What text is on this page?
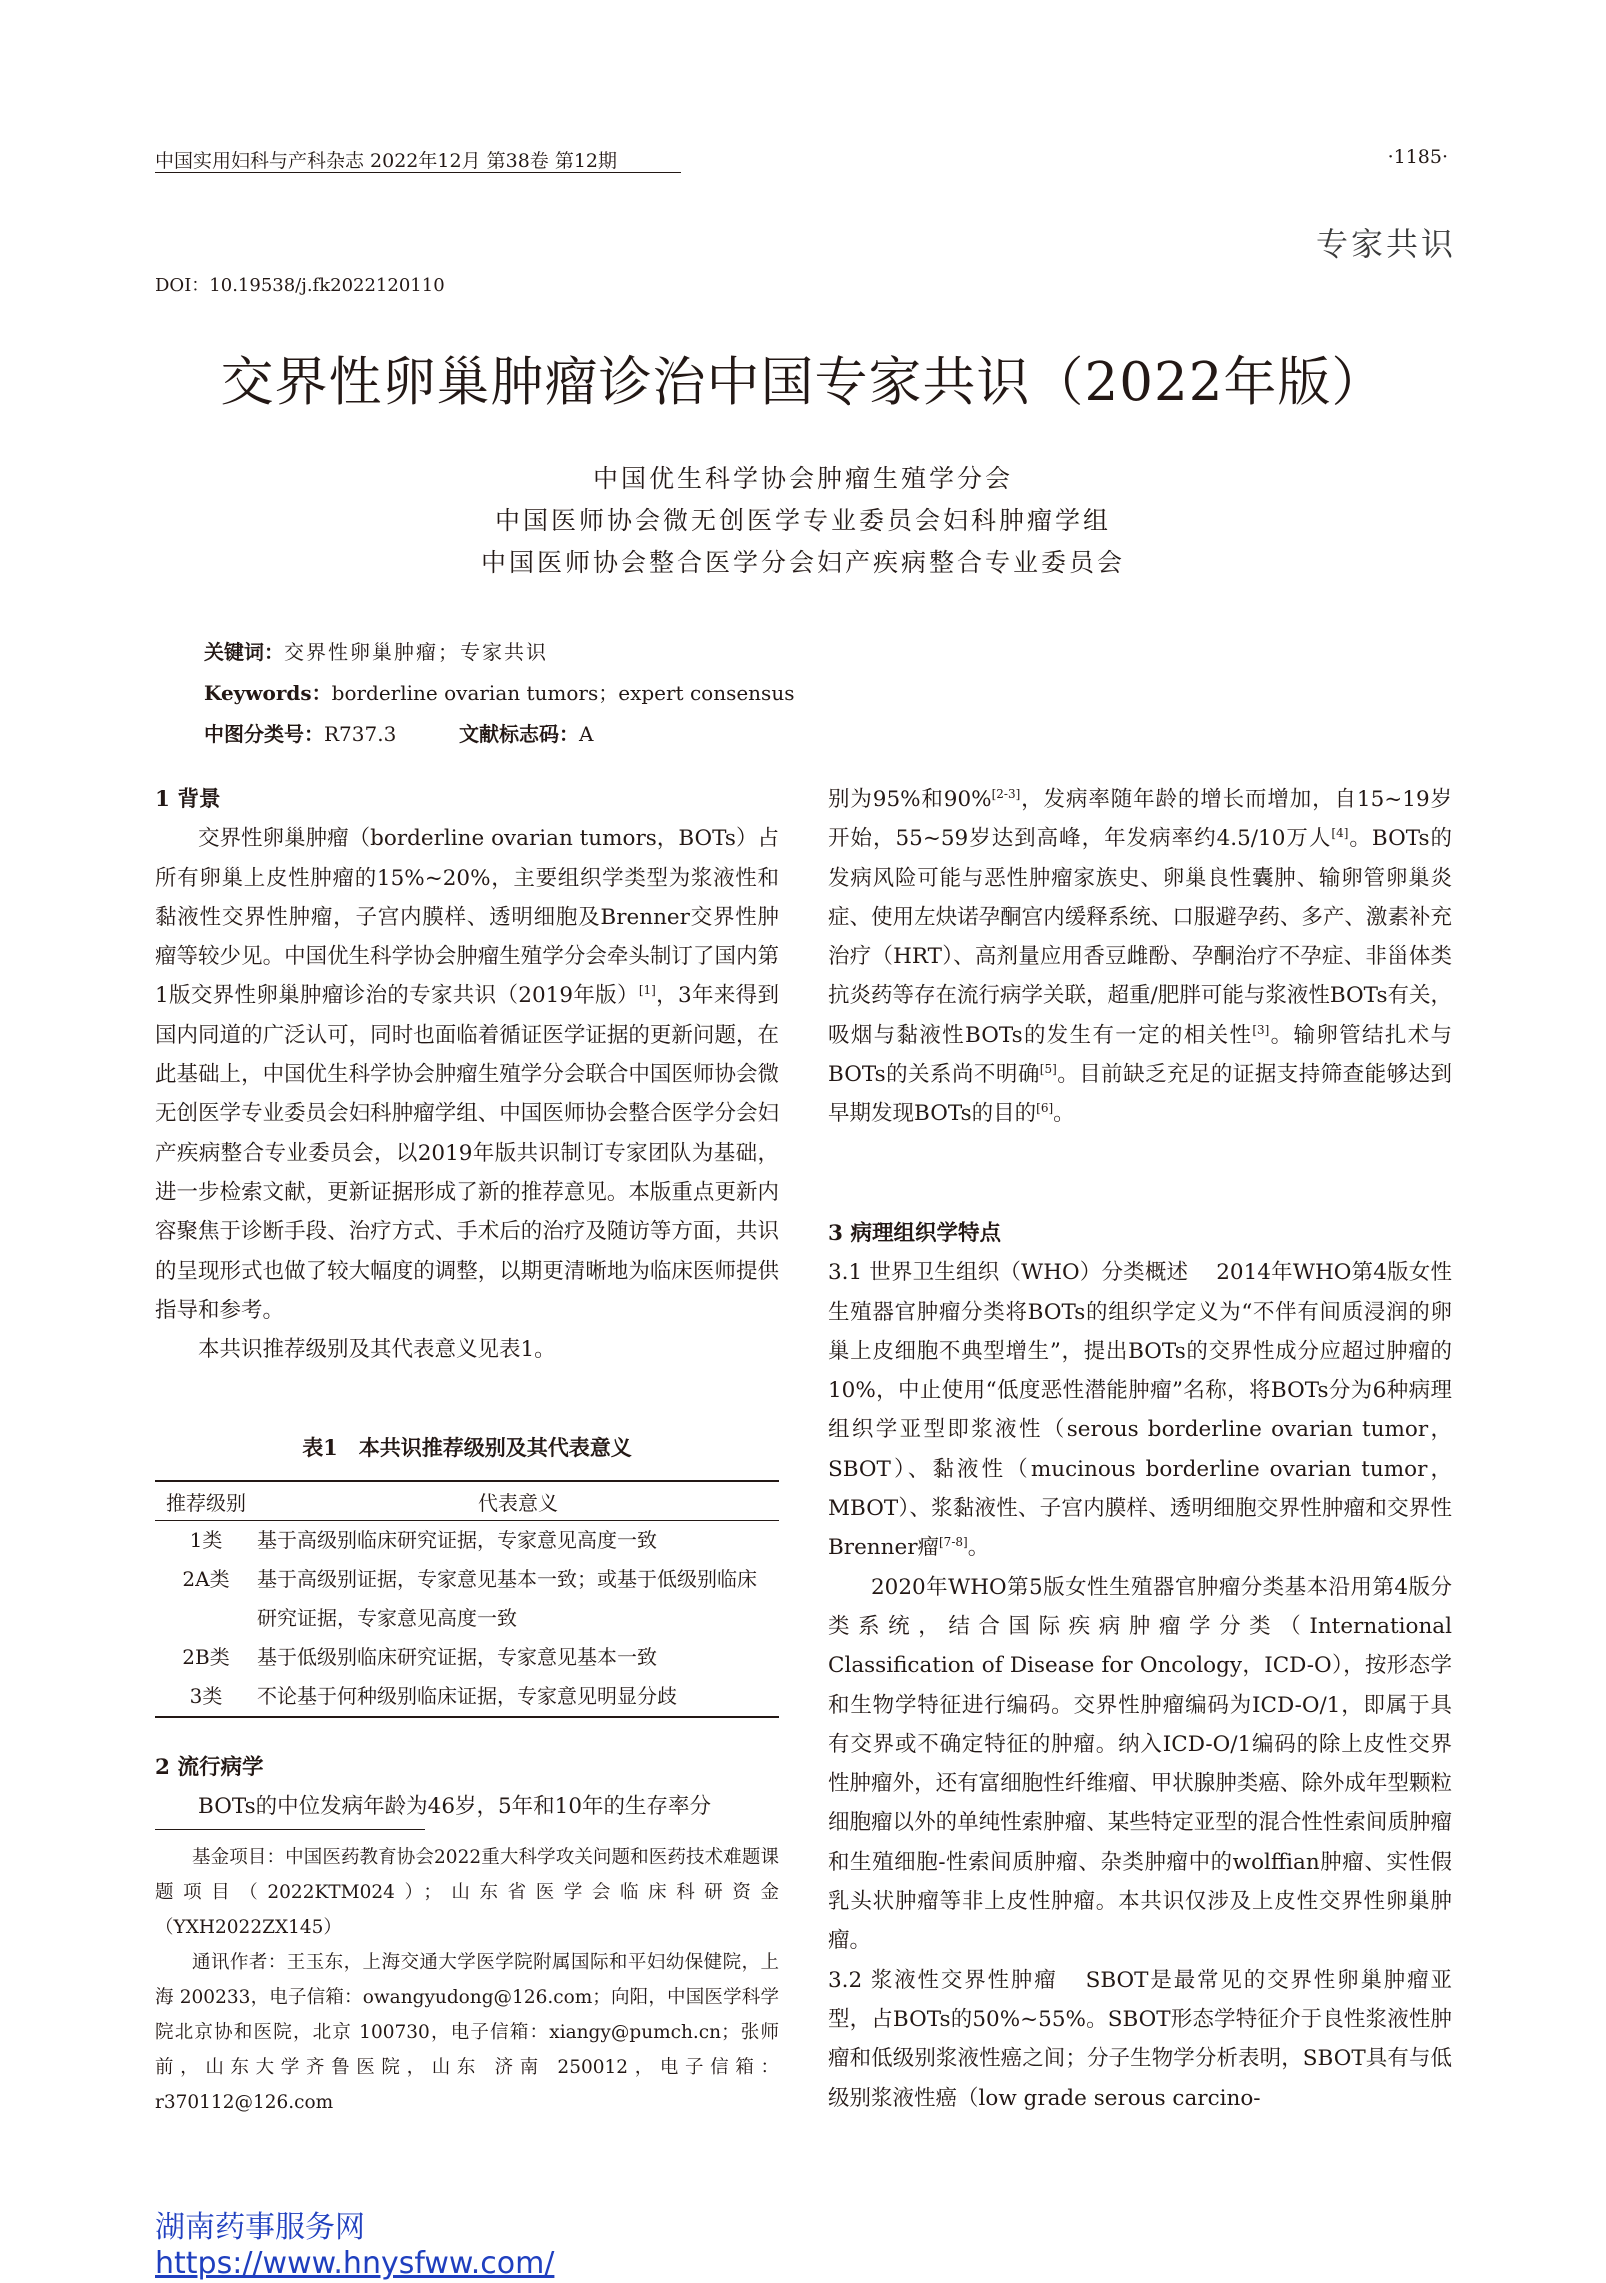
中国实用妇科与产科杂志 2022年12月 第38卷 第12期	·1185·
专家共识
DOI：10.19538/j.fk2022120110
交界性卵巢肿瘤诊治中国专家共识（2022年版）
中国优生科学协会肿瘤生殖学分会
中国医师协会微无创医学专业委员会妇科肿瘤学组
中国医师协会整合医学分会妇产疾病整合专业委员会
关键词：交界性卵巢肿瘤；专家共识
Keywords：borderline ovarian tumors；expert consensus
中图分类号：R737.3	文献标志码：A
1 背景

交界性卵巢肿瘤（borderline ovarian tumors，BOTs）占所有卵巢上皮性肿瘤的15%~20%，主要组织学类型为浆液性和黏液性交界性肿瘤，子宫内膜样、透明细胞及Brenner交界性肿瘤等较少见。中国优生科学协会肿瘤生殖学分会牵头制订了国内第1版交界性卵巢肿瘤诊治的专家共识（2019年版）[1]，3年来得到国内同道的广泛认可，同时也面临着循证医学证据的更新问题，在此基础上，中国优生科学协会肿瘤生殖学分会联合中国医师协会微无创医学专业委员会妇科肿瘤学组、中国医师协会整合医学分会妇产疾病整合专业委员会，以2019年版共识制订专家团队为基础，进一步检索文献，更新证据形成了新的推荐意见。本版重点更新内容聚焦于诊断手段、治疗方式、手术后的治疗及随访等方面，共识的呈现形式也做了较大幅度的调整，以期更清晰地为临床医师提供指导和参考。

本共识推荐级别及其代表意义见表1。

表1　本共识推荐级别及其代表意义
推荐级别	代表意义
1类	基于高级别临床研究证据，专家意见高度一致
2A类	基于高级别证据，专家意见基本一致；或基于低级别临床研究证据，专家意见高度一致
2B类	基于低级别临床研究证据，专家意见基本一致
3类	不论基于何种级别临床证据，专家意见明显分歧
2 流行病学

BOTs的中位发病年龄为46岁，5年和10年的生存率分

基金项目：中国医药教育协会2022重大科学攻关问题和医药技术难题课题项目（2022KTM024）；山东省医学会临床科研资金（YXH2022ZX145）

通讯作者：王玉东，上海交通大学医学院附属国际和平妇幼保健院，上海 200233，电子信箱：owangyudong@126.com；向阳，中国医学科学院北京协和医院，北京 100730，电子信箱：xiangy@pumch.cn；张师前，山东大学齐鲁医院，山东 济南 250012，电子信箱：r370112@126.com

别为95%和90%[2-3]，发病率随年龄的增长而增加，自15~19岁开始，55~59岁达到高峰，年发病率约4.5/10万人[4]。BOTs的发病风险可能与恶性肿瘤家族史、卵巢良性囊肿、输卵管卵巢炎症、使用左炔诺孕酮宫内缓释系统、口服避孕药、多产、激素补充治疗（HRT）、高剂量应用香豆雌酚、孕酮治疗不孕症、非甾体类抗炎药等存在流行病学关联，超重/肥胖可能与浆液性BOTs有关，吸烟与黏液性BOTs的发生有一定的相关性[3]。输卵管结扎术与BOTs的关系尚不明确[5]。目前缺乏充足的证据支持筛查能够达到早期发现BOTs的目的[6]。

3 病理组织学特点

3.1 世界卫生组织（WHO）分类概述 2014年WHO第4版女性生殖器官肿瘤分类将BOTs的组织学定义为“不伴有间质浸润的卵巢上皮细胞不典型增生”，提出BOTs的交界性成分应超过肿瘤的10%，中止使用“低度恶性潜能肿瘤”名称，将BOTs分为6种病理组织学亚型即浆液性（serous borderline ovarian tumor，SBOT）、黏液性（mucinous borderline ovarian tumor，MBOT）、浆黏液性、子宫内膜样、透明细胞交界性肿瘤和交界性Brenner瘤[7-8]。

2020年WHO第5版女性生殖器官肿瘤分类基本沿用第4版分类系统，结合国际疾病肿瘤学分类（International Classification of Disease for Oncology，ICD-O），按形态学和生物学特征进行编码。交界性肿瘤编码为ICD-O/1，即属于具有交界或不确定特征的肿瘤。纳入ICD-O/1编码的除上皮性交界性肿瘤外，还有富细胞性纤维瘤、甲状腺肿类癌、除外成年型颗粒细胞瘤以外的单纯性索肿瘤、某些特定亚型的混合性性索间质肿瘤和生殖细胞-性索间质肿瘤、杂类肿瘤中的wolffian肿瘤、实性假乳头状肿瘤等非上皮性肿瘤。本共识仅涉及上皮性交界性卵巢肿瘤。

3.2 浆液性交界性肿瘤 SBOT是最常见的交界性卵巢肿瘤亚型，占BOTs的50%~55%。SBOT形态学特征介于良性浆液性肿瘤和低级别浆液性癌之间；分子生物学分析表明，SBOT具有与低级别浆液性癌（low grade serous carcino-

湖南药事服务网
https://www.hnysfww.com/
